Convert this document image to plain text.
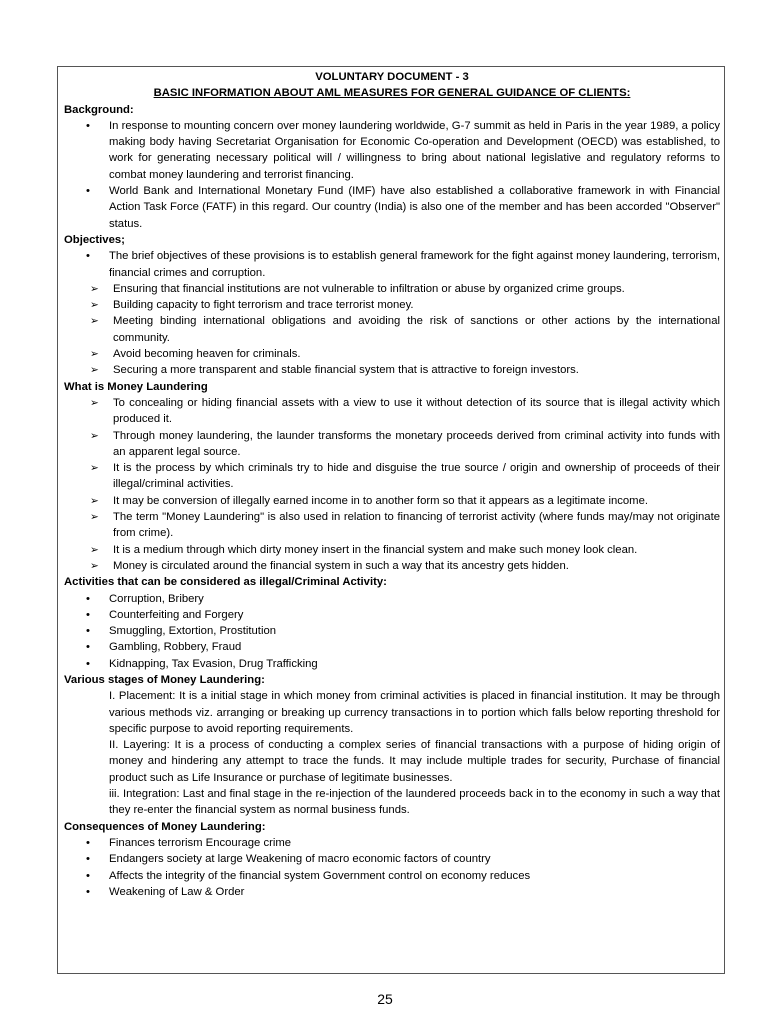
VOLUNTARY DOCUMENT - 3
BASIC INFORMATION ABOUT AML MEASURES FOR GENERAL GUIDANCE OF CLIENTS:
Background:
• In response to mounting concern over money laundering worldwide, G-7 summit as held in Paris in the year 1989, a policy making body having Secretariat Organisation for Economic Co-operation and Development (OECD) was established, to work for generating necessary political will / willingness to bring about national legislative and regulatory reforms to combat money laundering and terrorist financing.
• World Bank and International Monetary Fund (IMF) have also established a collaborative framework in with Financial Action Task Force (FATF) in this regard. Our country (India) is also one of the member and has been accorded "Observer" status.
Objectives;
• The brief objectives of these provisions is to establish general framework for the fight against money laundering, terrorism, financial crimes and corruption.
➢ Ensuring that financial institutions are not vulnerable to infiltration or abuse by organized crime groups.
➢ Building capacity to fight terrorism and trace terrorist money.
➢ Meeting binding international obligations and avoiding the risk of sanctions or other actions by the international community.
➢ Avoid becoming heaven for criminals.
➢ Securing a more transparent and stable financial system that is attractive to foreign investors.
What is Money Laundering
➢ To concealing or hiding financial assets with a view to use it without detection of its source that is illegal activity which produced it.
➢ Through money laundering, the launder transforms the monetary proceeds derived from criminal activity into funds with an apparent legal source.
➢ It is the process by which criminals try to hide and disguise the true source / origin and ownership of proceeds of their illegal/criminal activities.
➢ It may be conversion of illegally earned income in to another form so that it appears as a legitimate income.
➢ The term "Money Laundering" is also used in relation to financing of terrorist activity (where funds may/may not originate from crime).
➢ It is a medium through which dirty money insert in the financial system and make such money look clean.
➢ Money is circulated around the financial system in such a way that its ancestry gets hidden.
Activities that can be considered as illegal/Criminal Activity:
• Corruption, Bribery
• Counterfeiting and Forgery
• Smuggling, Extortion, Prostitution
• Gambling, Robbery, Fraud
• Kidnapping, Tax Evasion, Drug Trafficking
Various stages of Money Laundering:
I. Placement: It is a initial stage in which money from criminal activities is placed in financial institution. It may be through various methods viz. arranging or breaking up currency transactions in to portion which falls below reporting threshold for specific purpose to avoid reporting requirements.
II. Layering: It is a process of conducting a complex series of financial transactions with a purpose of hiding origin of money and hindering any attempt to trace the funds. It may include multiple trades for security, Purchase of financial product such as Life Insurance or purchase of legitimate businesses.
iii. Integration: Last and final stage in the re-injection of the laundered proceeds back in to the economy in such a way that they re-enter the financial system as normal business funds.
Consequences of Money Laundering:
• Finances terrorism Encourage crime
• Endangers society at large Weakening of macro economic factors of country
• Affects the integrity of the financial system Government control on economy reduces
• Weakening of Law & Order
25
